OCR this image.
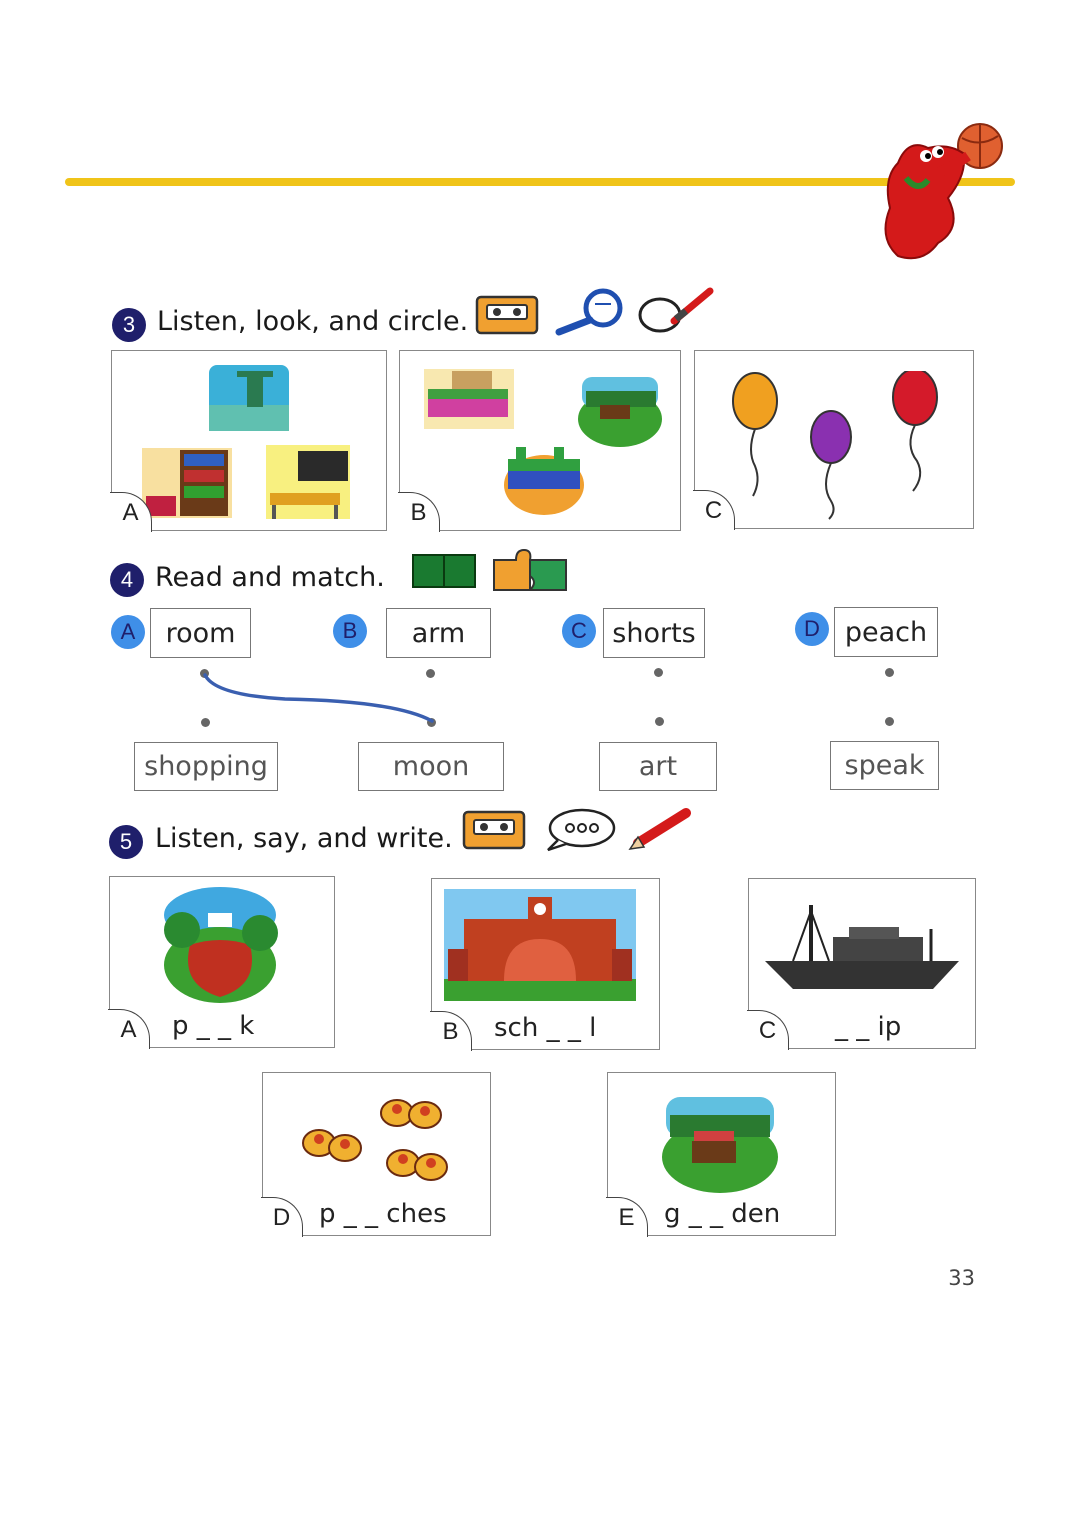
3 Listen, look, and circle.
A	B	C
4 Read and match.
A	room	B	arm	C shorts	D peach
shopping	moon	art	speak
5 Listen, say, and write.
A	p _ _ k	B	sch _ _ l	C	_ _ ip
D	p _ _ ches	E	g _ _ den
33
